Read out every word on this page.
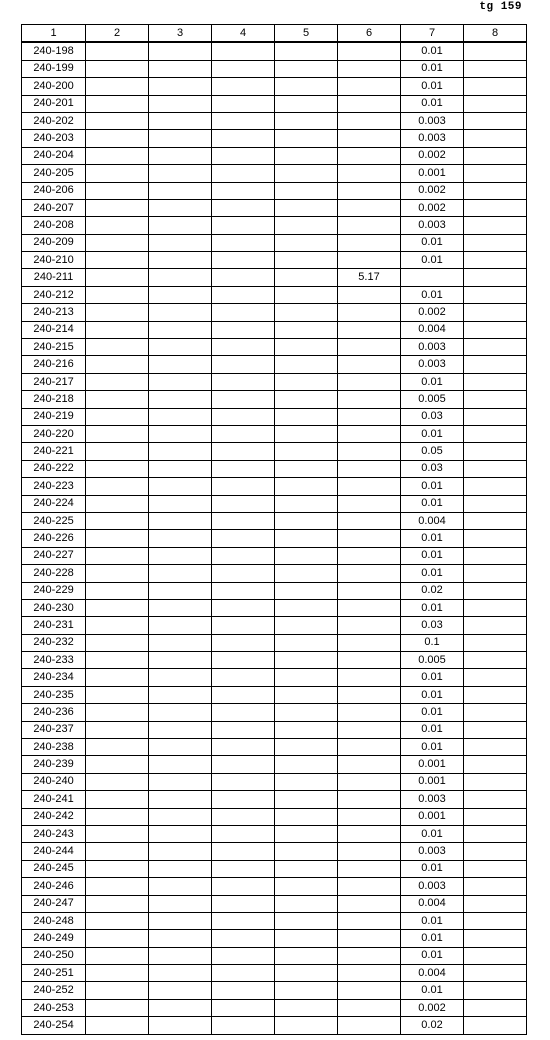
tg 159
1	2	3	4	5	6	7	8
240-198						0.01	
240-199						0.01	
240-200						0.01	
240-201						0.01	
240-202						0.003	
240-203						0.003	
240-204						0.002	
240-205						0.001	
240-206						0.002	
240-207						0.002	
240-208						0.003	
240-209						0.01	
240-210						0.01	
240-211					5.17		
240-212						0.01	
240-213						0.002	
240-214						0.004	
240-215						0.003	
240-216						0.003	
240-217						0.01	
240-218						0.005	
240-219						0.03	
240-220						0.01	
240-221						0.05	
240-222						0.03	
240-223						0.01	
240-224						0.01	
240-225						0.004	
240-226						0.01	
240-227						0.01	
240-228						0.01	
240-229						0.02	
240-230						0.01	
240-231						0.03	
240-232						0.1	
240-233						0.005	
240-234						0.01	
240-235						0.01	
240-236						0.01	
240-237						0.01	
240-238						0.01	
240-239						0.001	
240-240						0.001	
240-241						0.003	
240-242						0.001	
240-243						0.01	
240-244						0.003	
240-245						0.01	
240-246						0.003	
240-247						0.004	
240-248						0.01	
240-249						0.01	
240-250						0.01	
240-251						0.004	
240-252						0.01	
240-253						0.002	
240-254						0.02	
